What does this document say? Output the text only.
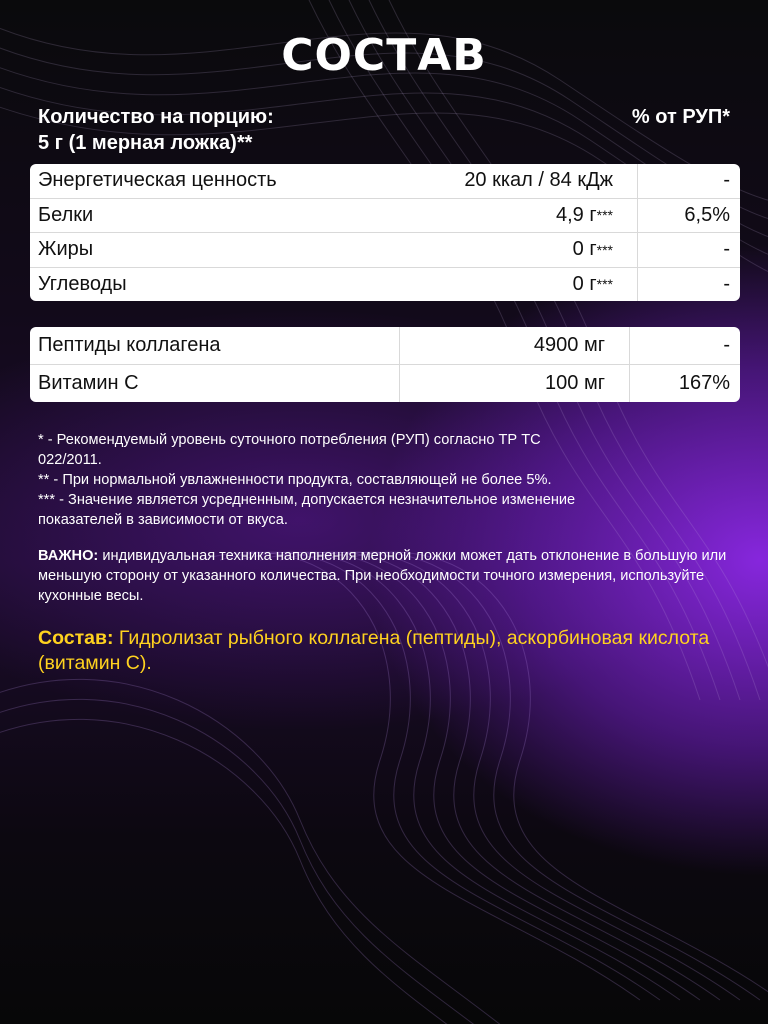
СОСТАВ
Количество на порцию:
5 г (1 мерная ложка)**
% от РУП*
Энергетическая ценность	20 ккал / 84 кДж	-
Белки	4,9 г ***	6,5%
Жиры	0 г ***	-
Углеводы	0 г ***	-
Пептиды коллагена	4900 мг	-
Витамин С	100 мг	167%
* - Рекомендуемый уровень суточного потребления (РУП) согласно ТР ТС
022/2011.
** - При нормальной увлажненности продукта, составляющей не более 5%.
*** - Значение является усредненным, допускается незначительное изменение
показателей в зависимости от вкуса.
ВАЖНО: индивидуальная техника наполнения мерной ложки может дать отклонение в большую или меньшую сторону от указанного количества. При необходимости точного измерения, используйте кухонные весы.
Состав: Гидролизат рыбного коллагена (пептиды), аскорбиновая кислота (витамин С).
